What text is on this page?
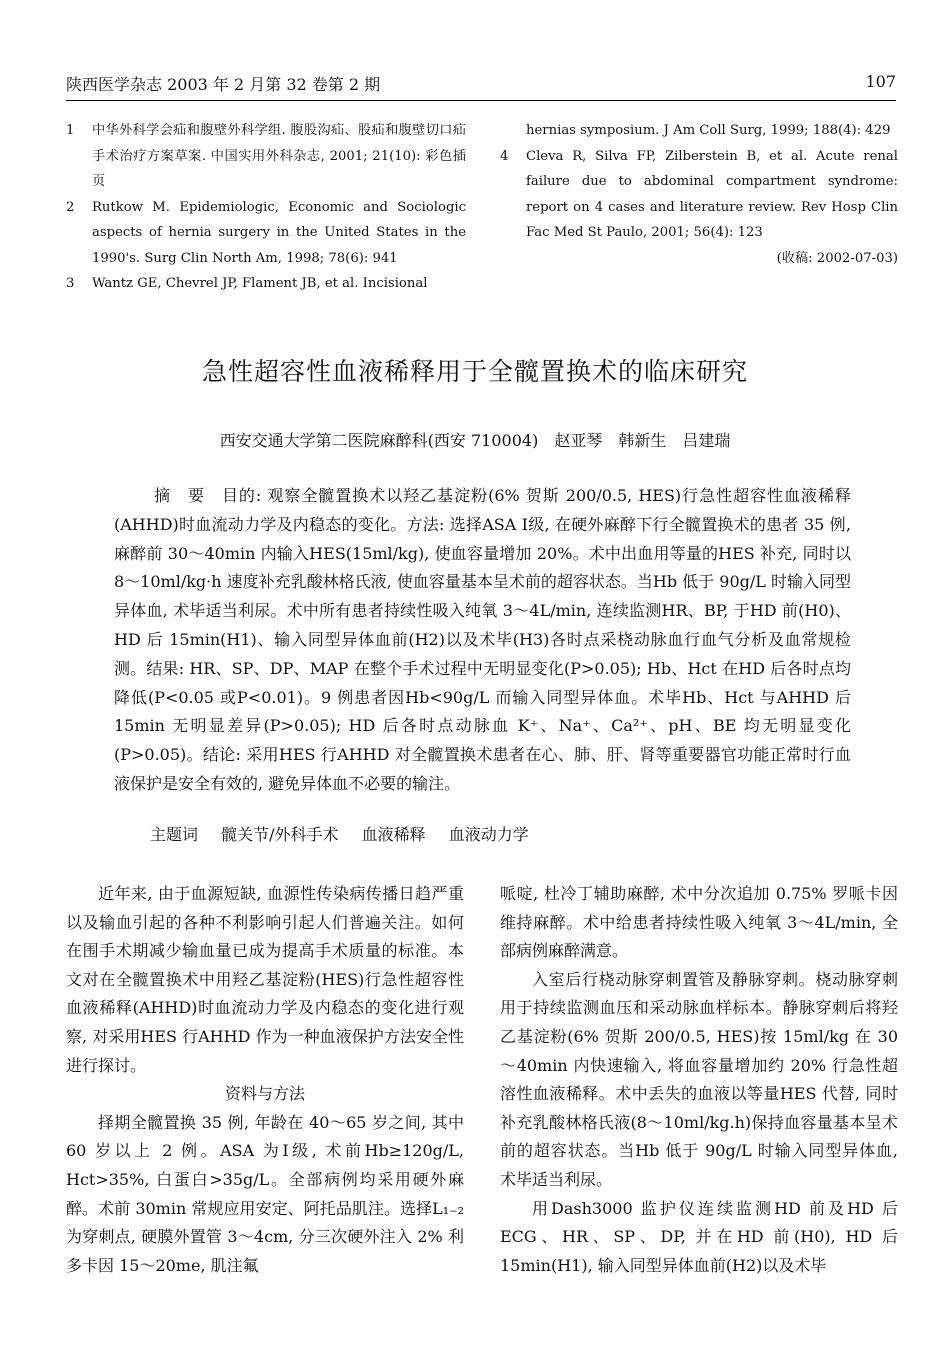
陕西医学杂志 2003 年 2 月第 32 卷第 2 期	107
1 中华外科学会疝和腹壁外科学组. 腹股沟疝、股疝和腹壁切口疝手术治疗方案草案. 中国实用外科杂志, 2001; 21(10): 彩色插页
2 Rutkow M. Epidemiologic, Economic and Sociologic aspects of hernia surgery in the United States in the 1990's. Surg Clin North Am, 1998; 78(6): 941
3 Wantz GE, Chevrel JP, Flament JB, et al. Incisional
hernias symposium. J Am Coll Surg, 1999; 188(4): 429
4 Cleva R, Silva FP, Zilberstein B, et al. Acute renal failure due to abdominal compartment syndrome: report on 4 cases and literature review. Rev Hosp Clin Fac Med St Paulo, 2001; 56(4): 123
(收稿: 2002-07-03)
急性超容性血液稀释用于全髋置换术的临床研究
西安交通大学第二医院麻醉科(西安 710004)　赵亚琴　韩新生　吕建瑞
摘　要　 目的: 观察全髋置换术以羟乙基淀粉(6% 贺斯 200/0.5, HES)行急性超容性血液稀释(AHHD)时血流动力学及内稳态的变化。方法: 选择ASA Ⅰ级, 在硬外麻醉下行全髋置换术的患者 35 例, 麻醉前 30～40min 内输入HES(15ml/kg), 使血容量增加 20%。术中出血用等量的HES 补充, 同时以 8～10ml/kg·h 速度补充乳酸林格氏液, 使血容量基本呈术前的超容状态。当Hb 低于 90g/L 时输入同型异体血, 术毕适当利尿。术中所有患者持续性吸入纯氧 3～4L/min, 连续监测HR、BP, 于HD 前(H0)、HD 后 15min(H1)、输入同型异体血前(H2)以及术毕(H3)各时点采桡动脉血行血气分析及血常规检测。结果: HR、SP、DP、MAP 在整个手术过程中无明显变化(P>0.05); Hb、Hct 在HD 后各时点均降低(P<0.05 或P<0.01)。9 例患者因Hb<90g/L 而输入同型异体血。术毕Hb、Hct 与AHHD 后 15min 无明显差异(P>0.05); HD 后各时点动脉血 K⁺、Na⁺、Ca²⁺、pH、BE 均无明显变化(P>0.05)。结论: 采用HES 行AHHD 对全髋置换术患者在心、肺、肝、肾等重要器官功能正常时行血液保护是安全有效的, 避免异体血不必要的输注。
主题词 髋关节/外科手术 血液稀释 血液动力学

近年来, 由于血源短缺, 血源性传染病传播日趋严重以及输血引起的各种不利影响引起人们普遍关注。如何在围手术期减少输血量已成为提高手术质量的标准。本文对在全髋置换术中用羟乙基淀粉(HES)行急性超容性血液稀释(AHHD)时血流动力学及内稳态的变化进行观察, 对采用HES 行AHHD 作为一种血液保护方法安全性进行探讨。

资料与方法

择期全髋置换 35 例, 年龄在 40～65 岁之间, 其中 60 岁以上 2 例。ASA 为Ⅰ级, 术前Hb≥120g/L, Hct>35%, 白蛋白>35g/L。全部病例均采用硬外麻醉。术前 30min 常规应用安定、阿托品肌注。选择L₁₋₂为穿刺点, 硬膜外置管 3～4cm, 分三次硬外注入 2% 利多卡因 15～20me, 肌注氟

哌啶, 杜冷丁辅助麻醉, 术中分次追加 0.75% 罗哌卡因维持麻醉。术中给患者持续性吸入纯氧 3～4L/min, 全部病例麻醉满意。

入室后行桡动脉穿刺置管及静脉穿刺。桡动脉穿刺用于持续监测血压和采动脉血样标本。静脉穿刺后将羟乙基淀粉(6% 贺斯 200/0.5, HES)按 15ml/kg 在 30～40min 内快速输入, 将血容量增加约 20% 行急性超溶性血液稀释。术中丢失的血液以等量HES 代替, 同时补充乳酸林格氏液(8～10ml/kg.h)保持血容量基本呈术前的超容状态。当Hb 低于 90g/L 时输入同型异体血, 术毕适当利尿。

用Dash3000 监护仪连续监测HD 前及HD 后 ECG、HR、SP、DP, 并在HD 前(H0), HD 后 15min(H1), 输入同型异体血前(H2)以及术毕
